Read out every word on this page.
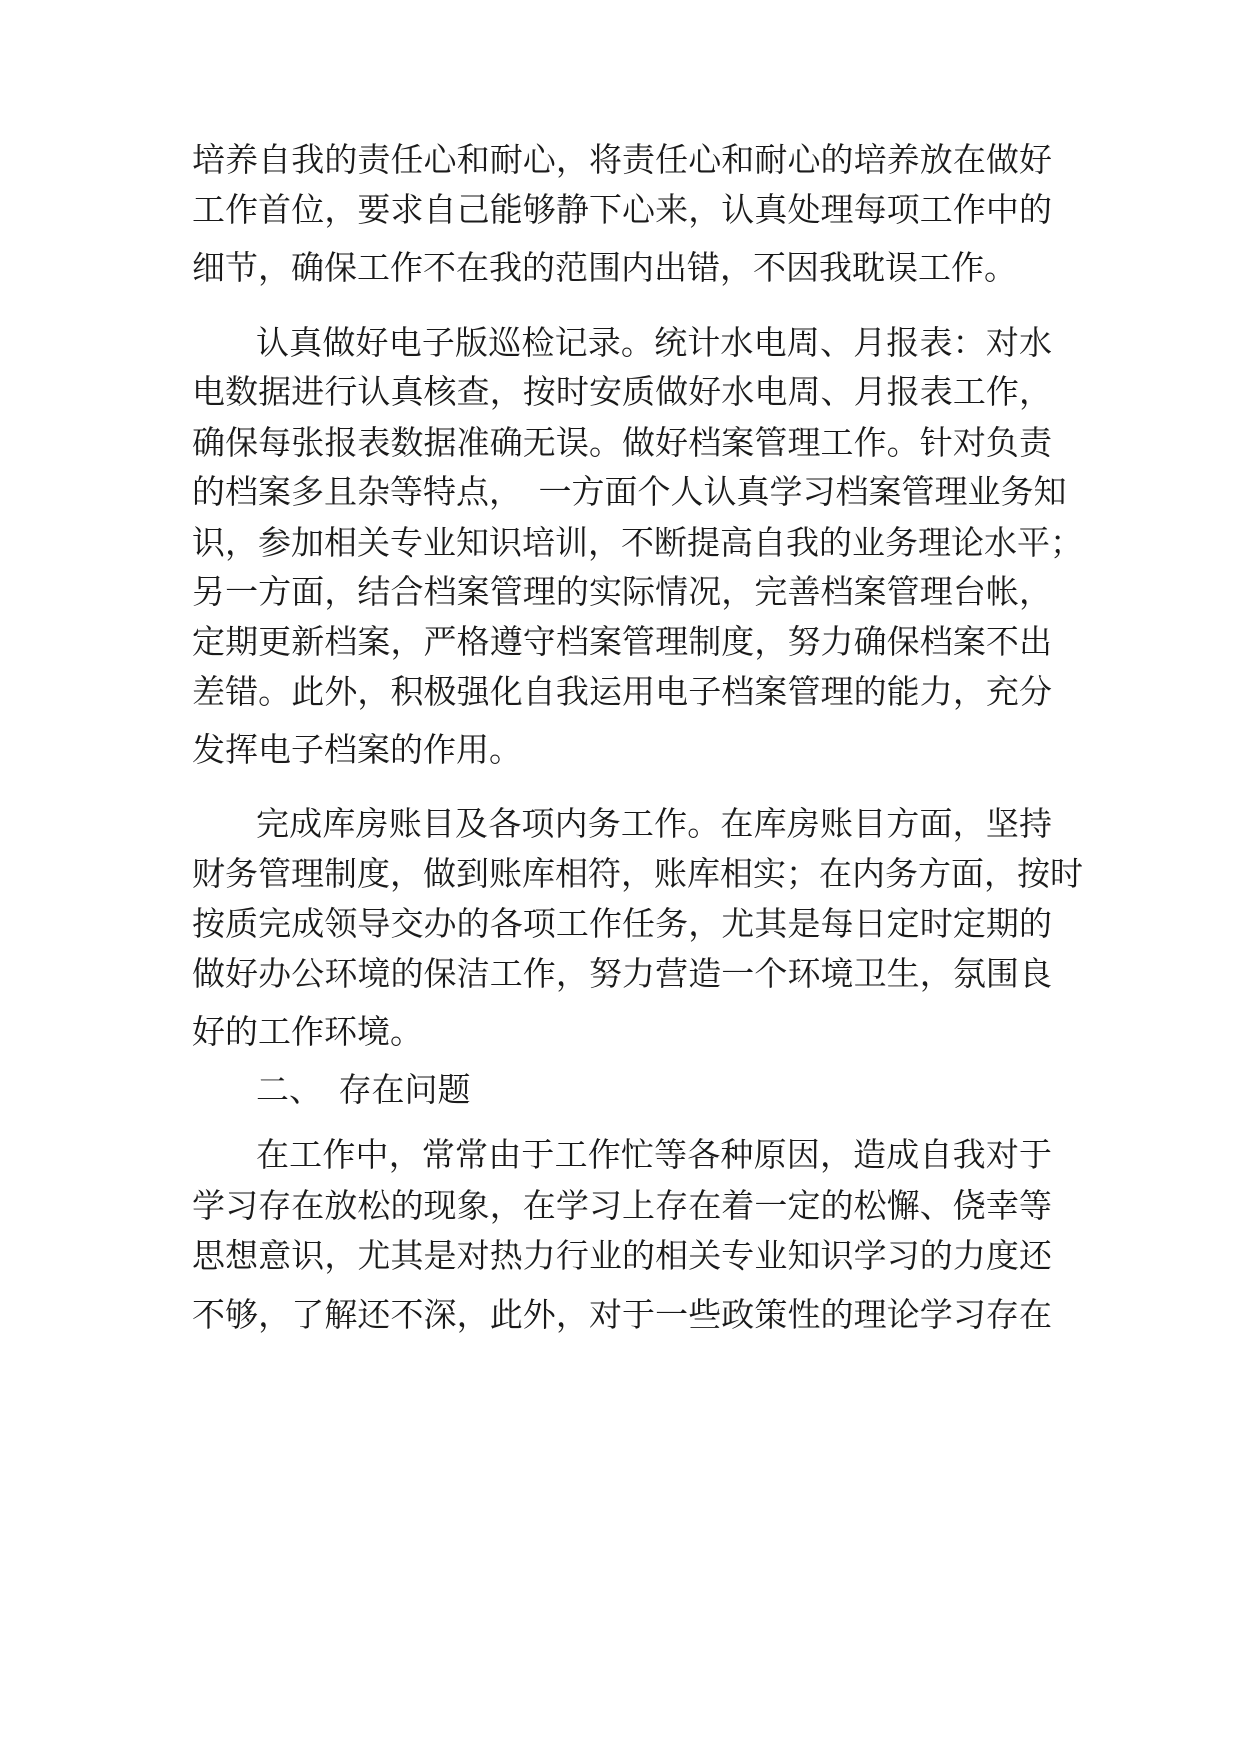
培养自我的责任心和耐心，将责任心和耐心的培养放在做好
工作首位，要求自己能够静下心来，认真处理每项工作中的
细节，确保工作不在我的范围内出错，不因我耽误工作。
认真做好电子版巡检记录。统计水电周、月报表：对水
电数据进行认真核查，按时安质做好水电周、月报表工作，
确保每张报表数据准确无误。做好档案管理工作。针对负责
的档案多且杂等特点，　一方面个人认真学习档案管理业务知
识，参加相关专业知识培训，不断提高自我的业务理论水平；
另一方面，结合档案管理的实际情况，完善档案管理台帐，
定期更新档案，严格遵守档案管理制度，努力确保档案不出
差错。此外，积极强化自我运用电子档案管理的能力，充分
发挥电子档案的作用。
完成库房账目及各项内务工作。在库房账目方面，坚持
财务管理制度，做到账库相符，账库相实；在内务方面，按时
按质完成领导交办的各项工作任务，尤其是每日定时定期的
做好办公环境的保洁工作，努力营造一个环境卫生，氛围良
好的工作环境。
二、　存在问题
在工作中，常常由于工作忙等各种原因，造成自我对于
学习存在放松的现象，在学习上存在着一定的松懈、侥幸等
思想意识，尤其是对热力行业的相关专业知识学习的力度还
不够，了解还不深，此外，对于一些政策性的理论学习存在
